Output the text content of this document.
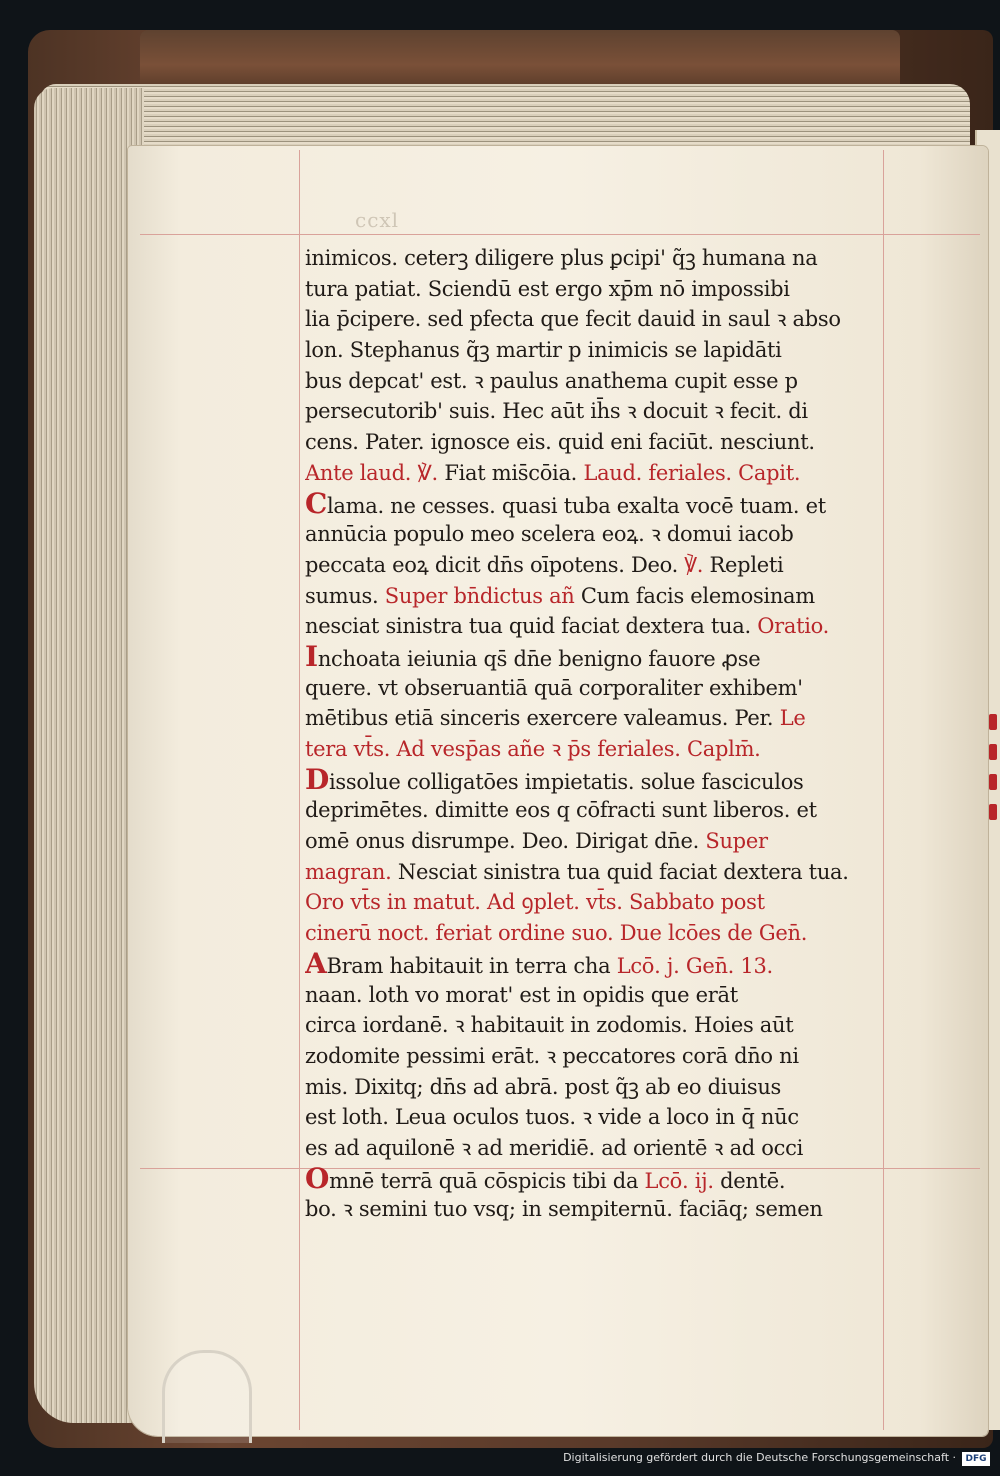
ccxl
inimicos. ceterꝫ diligere plus ꝑcipi' q̃ꝫ humana na
tura patiat. Sciendū est ergo xp̄m nō impossibi
lia p̄cipere. sed pfecta que fecit dauid in saul ꝛ abso
lon. Stephanus q̃ꝫ martir p inimicis se lapidāti
bus depcat' est. ꝛ paulus anathema cupit esse p
persecutorib' suis. Hec aūt ih̄s ꝛ docuit ꝛ fecit. di
cens. Pater. ignosce eis. quid eni faciūt. nesciunt.
Ante laud. ℣. Fiat mis̄cōia. Laud. feriales. Capit.
Clama. ne cesses. quasi tuba exalta vocē tuam. et
annūcia populo meo scelera eoꝝ. ꝛ domui iacob
peccata eoꝝ dicit dn̄s oīpotens. Deo. ℣. Repleti
sumus. Super bn̄dictus añ Cum facis elemosinam
nesciat sinistra tua quid faciat dextera tua. Oratio.
Inchoata ieiunia qs̄ dn̄e benigno fauore ꝓse
quere. vt obseruantiā quā corporaliter exhibem'
mētibus etiā sinceris exercere valeamus. Per. Le
tera vt̄s. Ad vesp̄as añe ꝛ p̄s feriales. Caplm̄.
Dissolue colligatōes impietatis. solue fasciculos
deprimētes. dimitte eos q cōfracti sunt liberos. et
omē onus disrumpe. Deo. Dirigat dn̄e. Super
magran. Nesciat sinistra tua quid faciat dextera tua.
Oro vt̄s in matut. Ad ꝯplet. vt̄s. Sabbato post
cinerū noct. feriat ordine suo. Due lcōes de Gen̄.
ABram habitauit in terra cha Lcō. j. Gen̄. 13.
naan. loth vo morat' est in opidis que erāt
circa iordanē. ꝛ habitauit in zodomis. Hoies aūt
zodomite pessimi erāt. ꝛ peccatores corā dn̄o ni
mis. Dixitq; dn̄s ad abrā. post q̃ꝫ ab eo diuisus
est loth. Leua oculos tuos. ꝛ vide a loco in q̄ nūc
es ad aquilonē ꝛ ad meridiē. ad orientē ꝛ ad occi
Omnē terrā quā cōspicis tibi da Lcō. ij. dentē.
bo. ꝛ semini tuo vsq; in sempiternū. faciāq; semen
Digitalisierung gefördert durch die Deutsche Forschungsgemeinschaft ·	DFG
